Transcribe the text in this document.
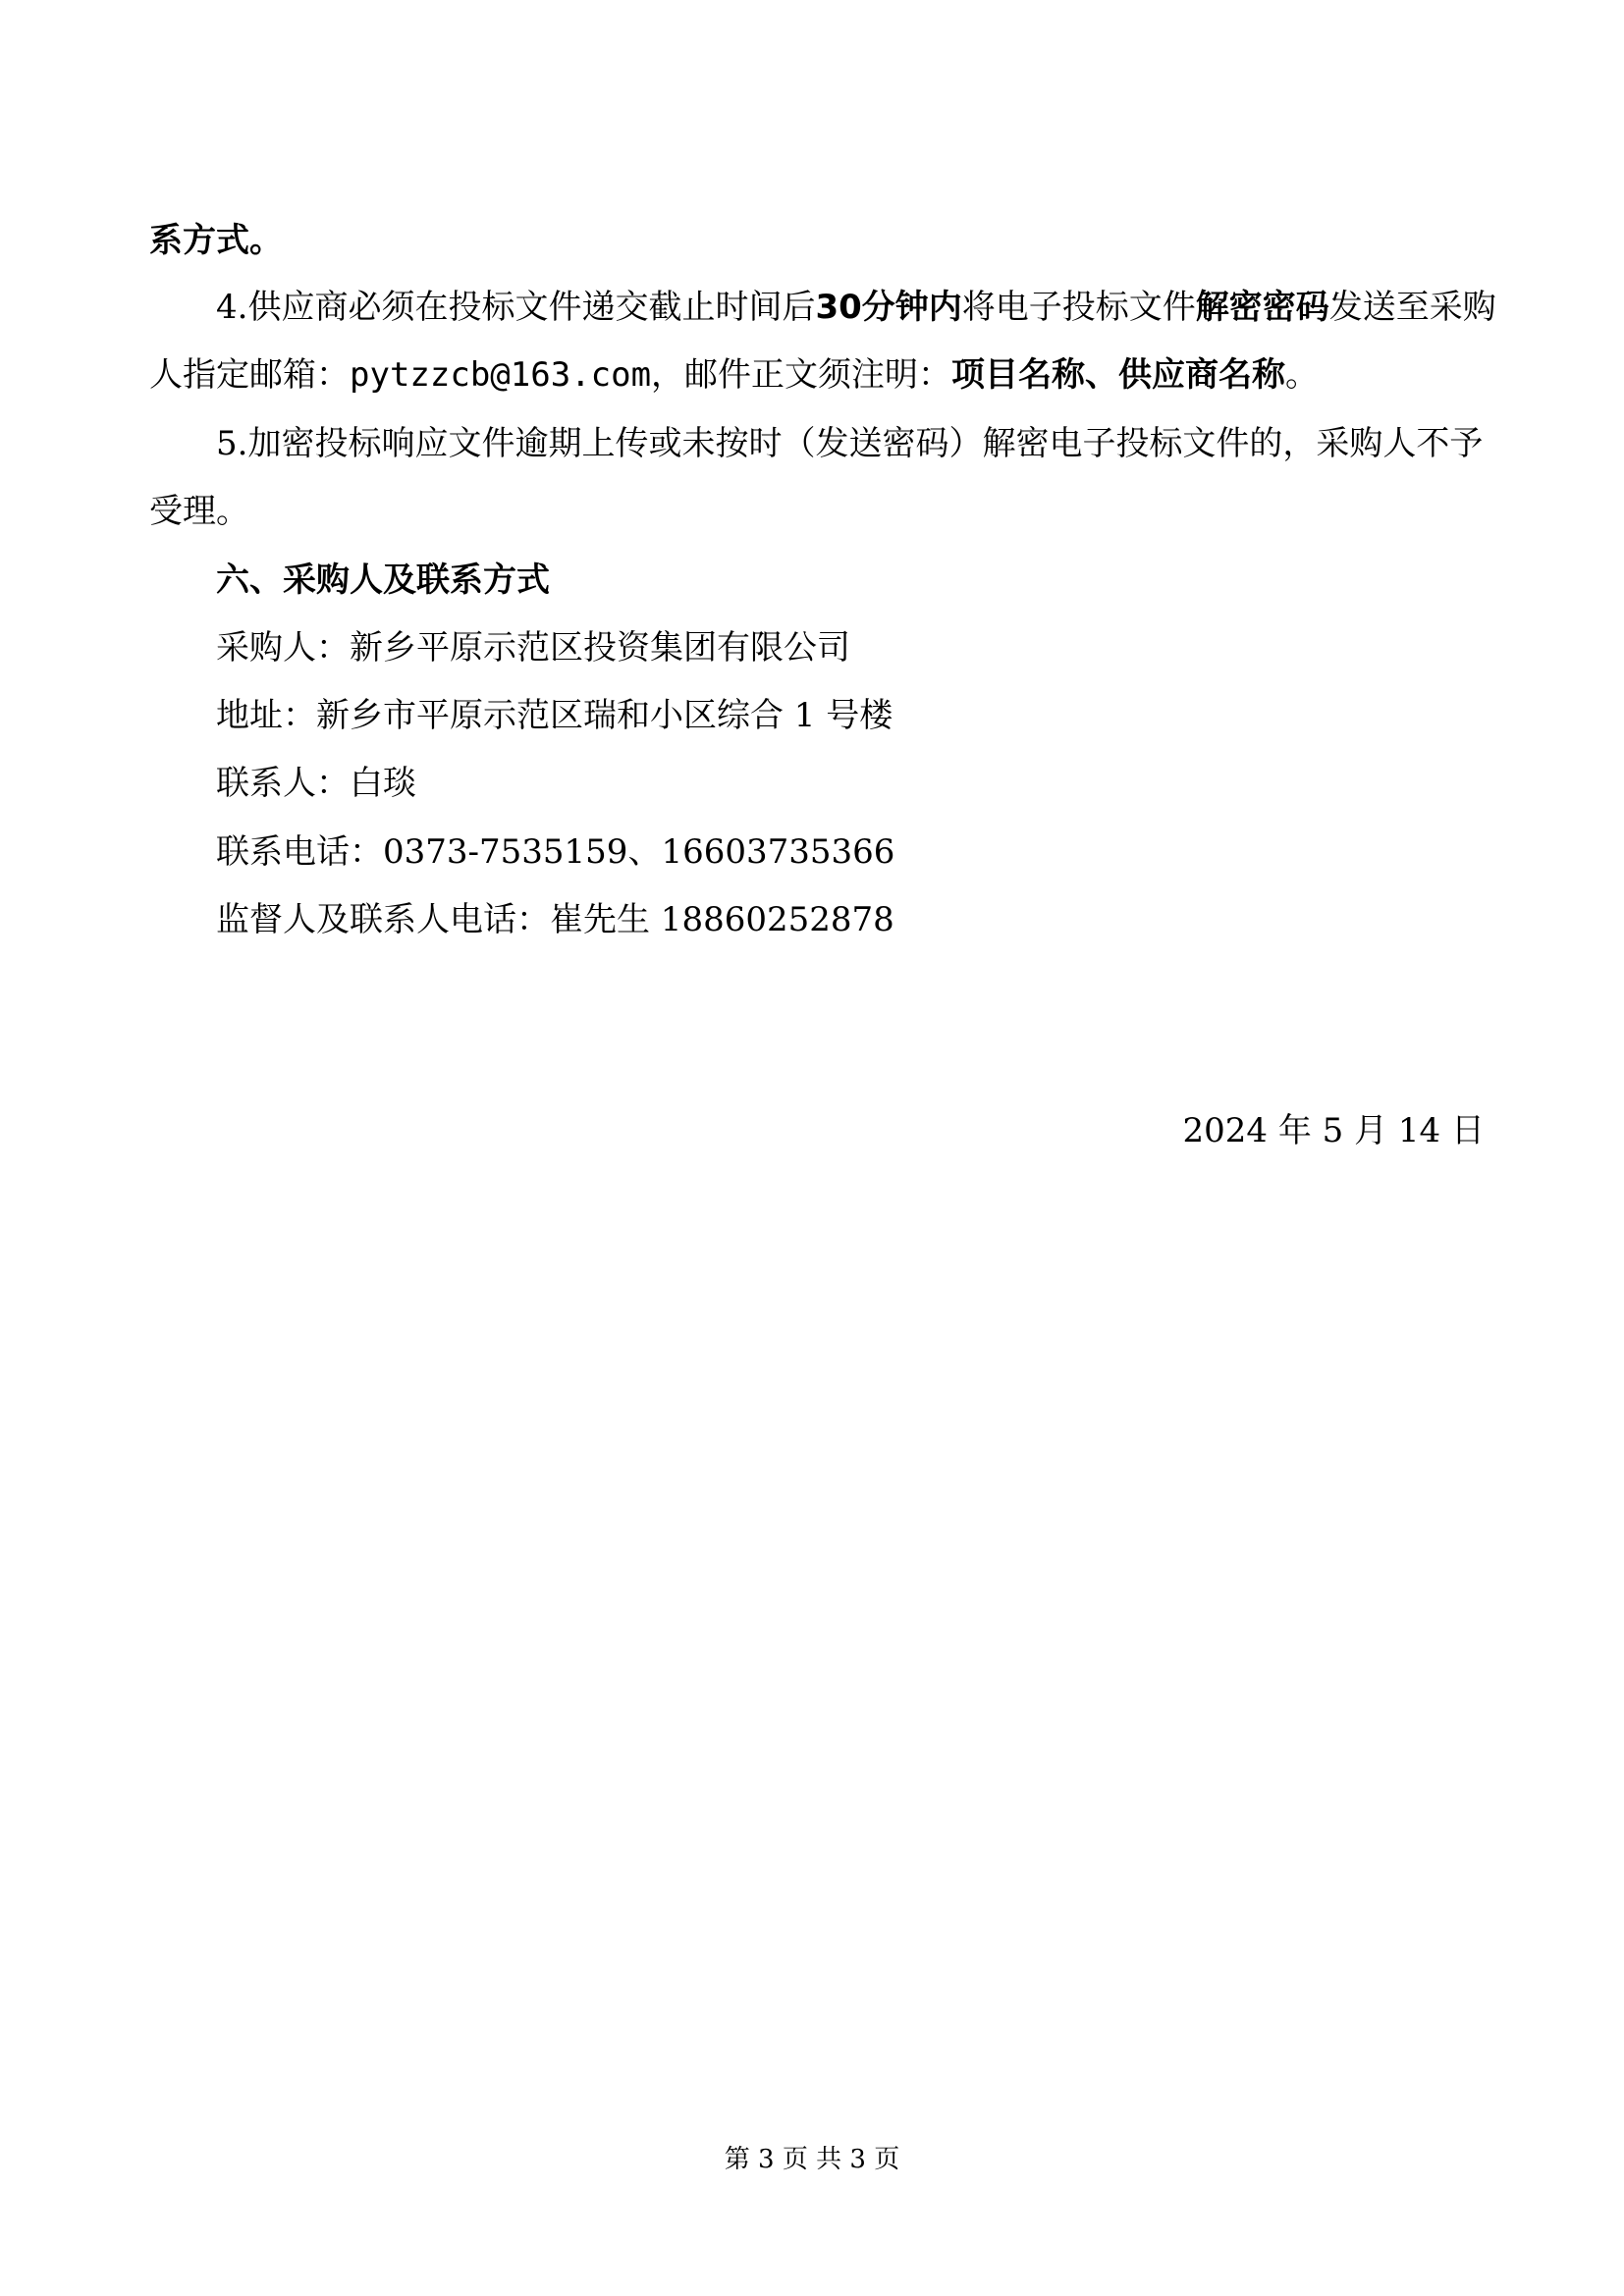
系方式。
4.供应商必须在投标文件递交截止时间后30分钟内将电子投标文件解密密码发送至采购
人指定邮箱：pytzzcb@163.com，邮件正文须注明：项目名称、供应商名称。
5.加密投标响应文件逾期上传或未按时（发送密码）解密电子投标文件的，采购人不予
受理。
六、采购人及联系方式
采购人：新乡平原示范区投资集团有限公司
地址：新乡市平原示范区瑞和小区综合 1 号楼
联系人：白琰
联系电话：0373-7535159、16603735366
监督人及联系人电话：崔先生 18860252878
2024 年 5 月 14 日
第 3 页 共 3 页
